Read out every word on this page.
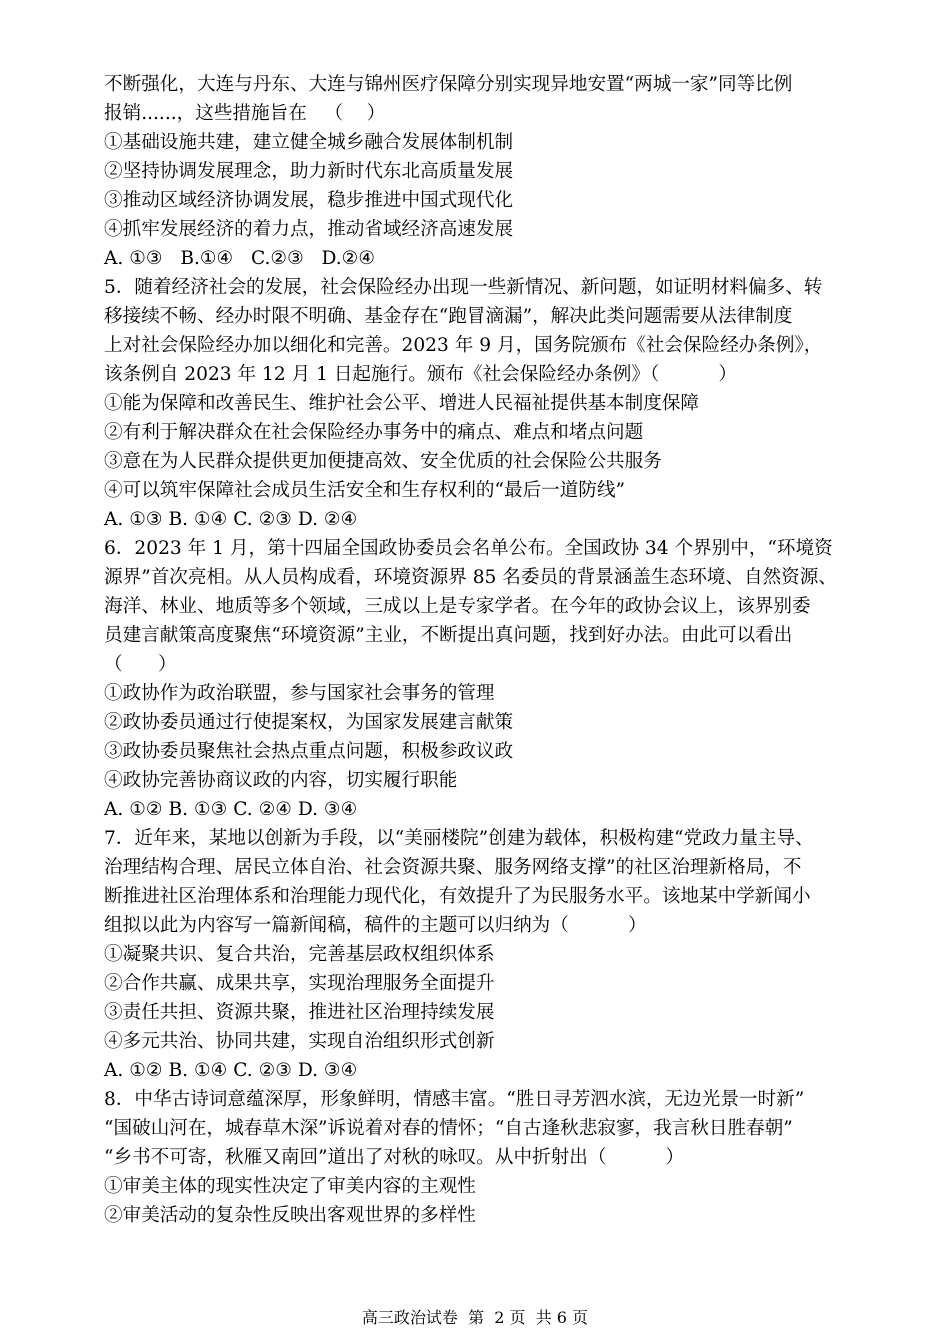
不断强化，大连与丹东、大连与锦州医疗保障分别实现异地安置“两城一家”同等比例
报销......，这些措施旨在   （    ）
①基础设施共建，建立健全城乡融合发展体制机制
②坚持协调发展理念，助力新时代东北高质量发展
③推动区域经济协调发展，稳步推进中国式现代化
④抓牢发展经济的着力点，推动省域经济高速发展
A. ①③   B.①④   C.②③   D.②④
5．随着经济社会的发展，社会保险经办出现一些新情况、新问题，如证明材料偏多、转
移接续不畅、经办时限不明确、基金存在“跑冒滴漏”，解决此类问题需要从法律制度
上对社会保险经办加以细化和完善。2023 年 9 月，国务院颁布《社会保险经办条例》，
该条例自 2023 年 12 月 1 日起施行。颁布《社会保险经办条例》（          ）
①能为保障和改善民生、维护社会公平、增进人民福祉提供基本制度保障
②有利于解决群众在社会保险经办事务中的痛点、难点和堵点问题
③意在为人民群众提供更加便捷高效、安全优质的社会保险公共服务
④可以筑牢保障社会成员生活安全和生存权利的“最后一道防线”
A. ①③ B. ①④ C. ②③ D. ②④
6．2023 年 1 月，第十四届全国政协委员会名单公布。全国政协 34 个界别中，“环境资
源界”首次亮相。从人员构成看，环境资源界 85 名委员的背景涵盖生态环境、自然资源、
海洋、林业、地质等多个领域，三成以上是专家学者。在今年的政协会议上，该界别委
员建言献策高度聚焦“环境资源”主业，不断提出真问题，找到好办法。由此可以看出
（      ）
①政协作为政治联盟，参与国家社会事务的管理
②政协委员通过行使提案权，为国家发展建言献策
③政协委员聚焦社会热点重点问题，积极参政议政
④政协完善协商议政的内容，切实履行职能
A. ①② B. ①③ C. ②④ D. ③④
7．近年来，某地以创新为手段，以“美丽楼院”创建为载体，积极构建“党政力量主导、
治理结构合理、居民立体自治、社会资源共聚、服务网络支撑”的社区治理新格局，不
断推进社区治理体系和治理能力现代化，有效提升了为民服务水平。该地某中学新闻小
组拟以此为内容写一篇新闻稿，稿件的主题可以归纳为（          ）
①凝聚共识、复合共治，完善基层政权组织体系
②合作共赢、成果共享，实现治理服务全面提升
③责任共担、资源共聚，推进社区治理持续发展
④多元共治、协同共建，实现自治组织形式创新
A. ①② B. ①④ C. ②③ D. ③④
8．中华古诗词意蕴深厚，形象鲜明，情感丰富。“胜日寻芳泗水滨，无边光景一时新”
“国破山河在，城春草木深”诉说着对春的情怀；“自古逢秋悲寂寥，我言秋日胜春朝”
“乡书不可寄，秋雁又南回”道出了对秋的咏叹。从中折射出（          ）
①审美主体的现实性决定了审美内容的主观性
②审美活动的复杂性反映出客观世界的多样性
高三政治试卷  第  2 页  共 6 页
